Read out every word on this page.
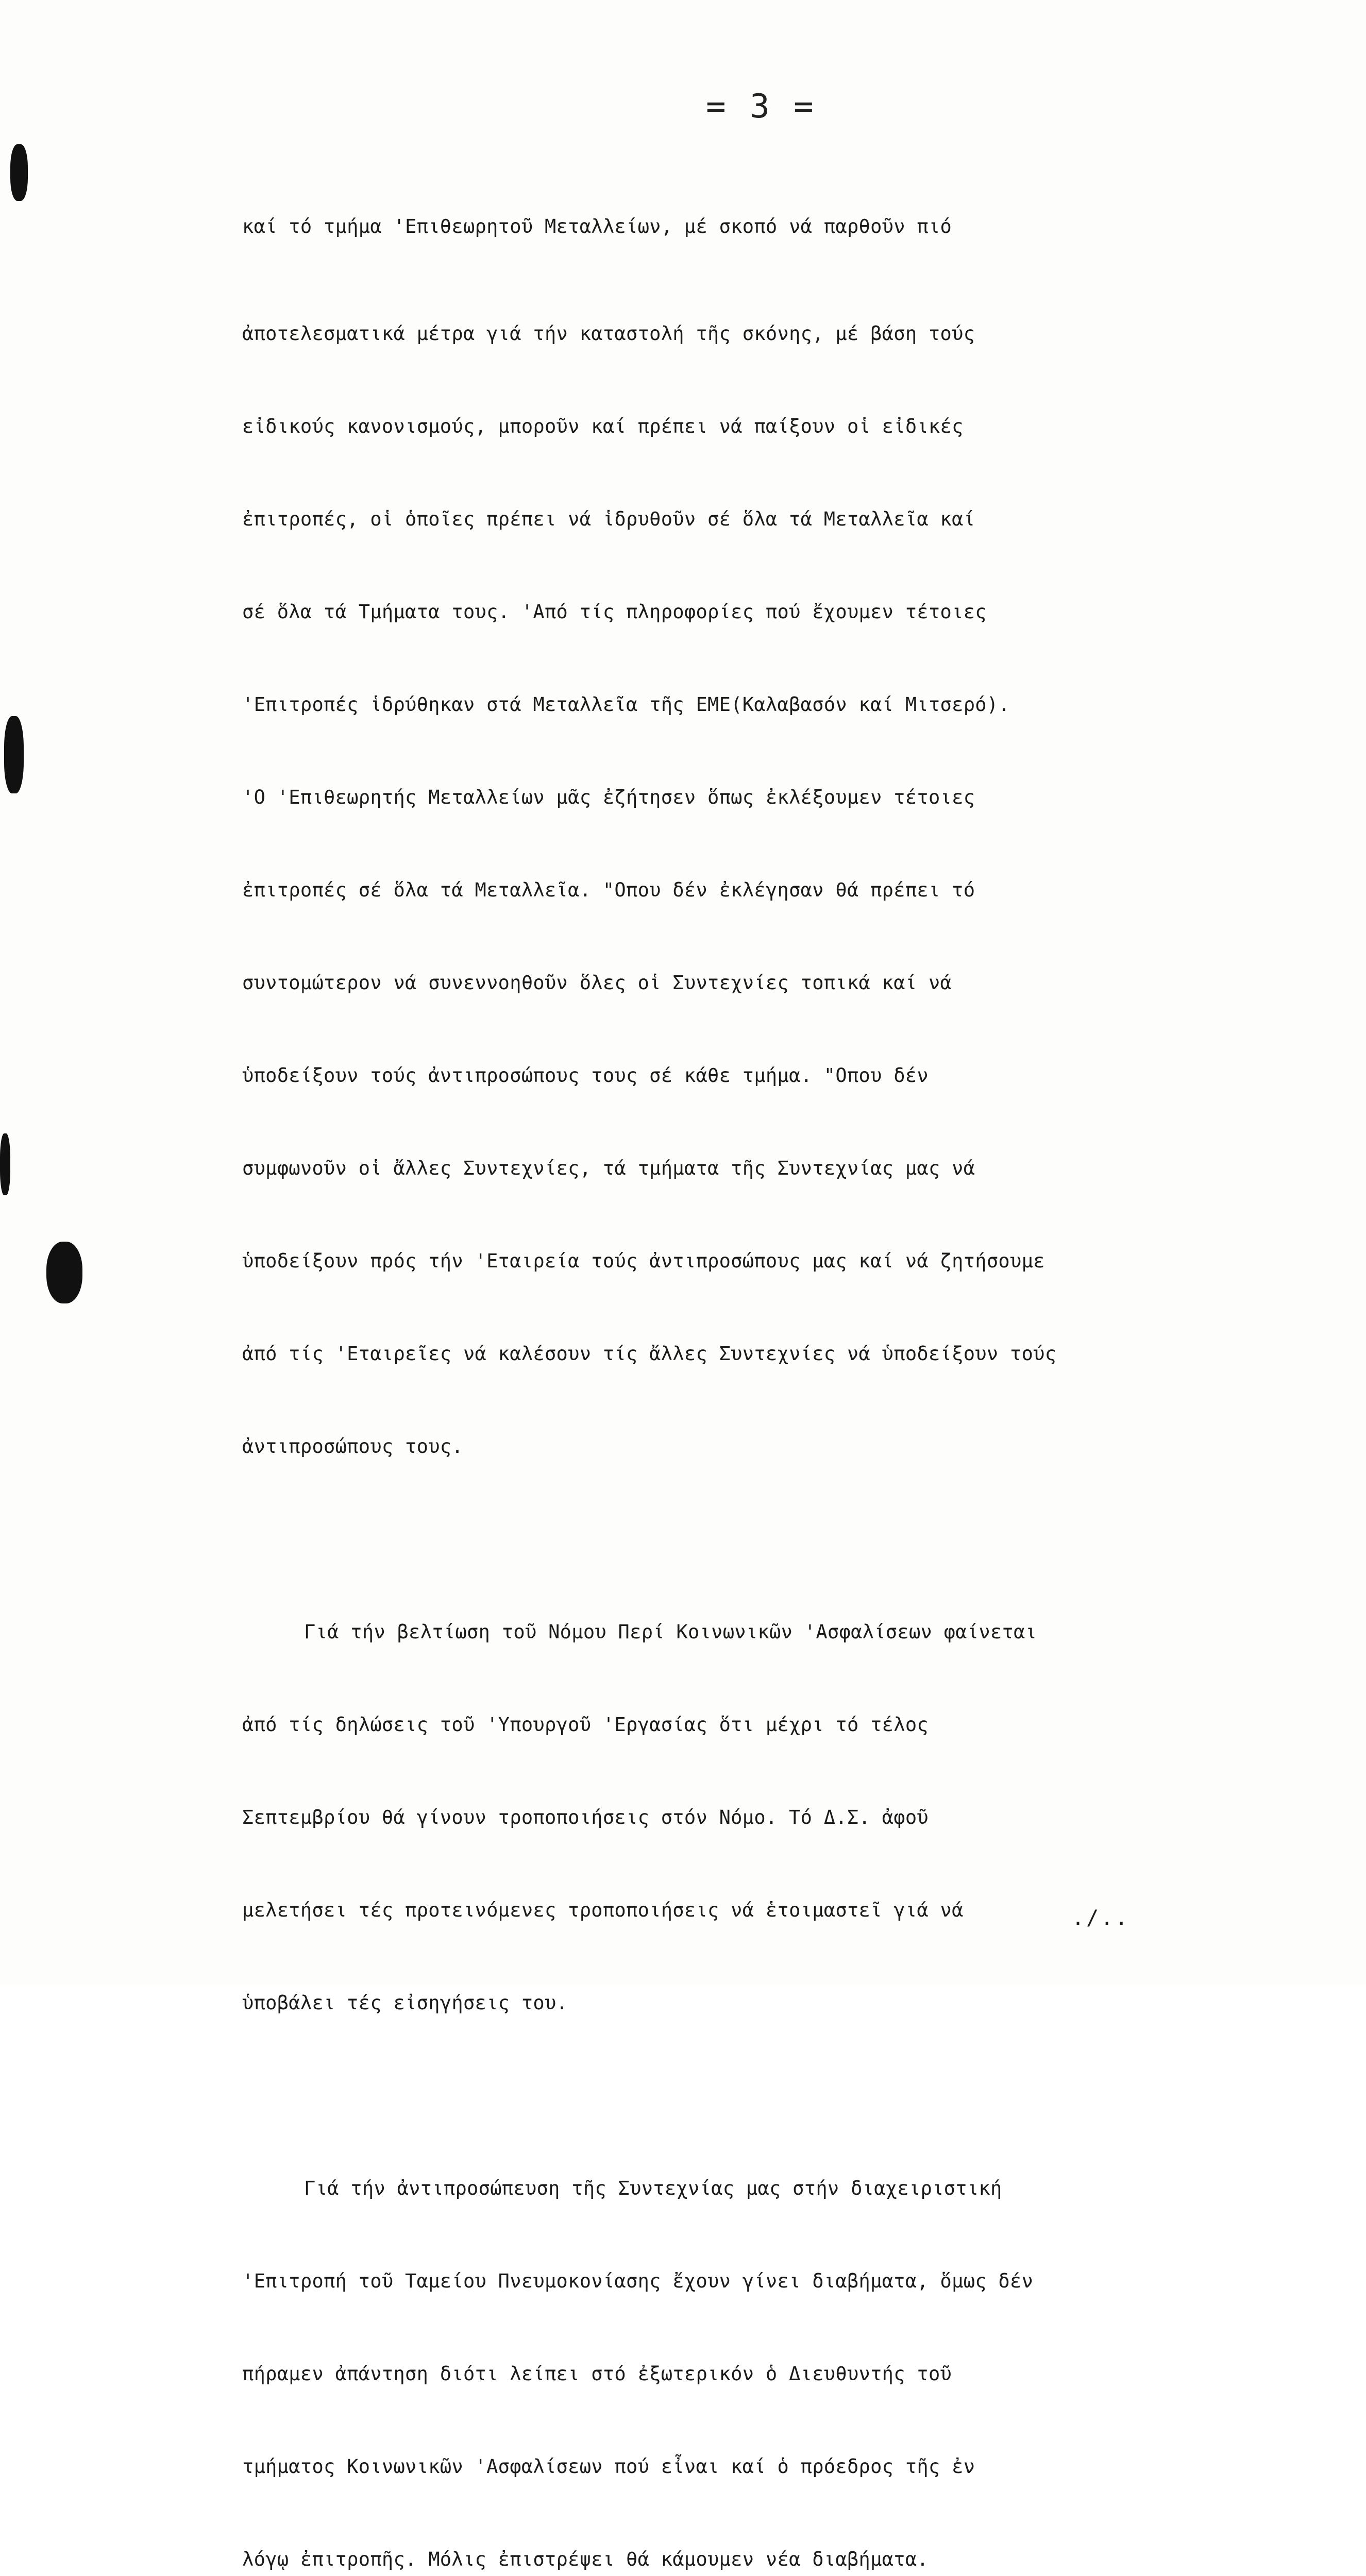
= 3 =

καί τό τμήμα 'Επιθεωρητοῦ Μεταλλείων, μέ σκοπό νά παρθοῦν πιό

ἀποτελεσματικά μέτρα γιά τήν καταστολή τῆς σκόνης, μέ βάση τούς

εἰδικούς κανονισμούς, μποροῦν καί πρέπει νά παίξουν οἱ εἰδικές

ἐπιτροπές, οἱ ὁποῖες πρέπει νά ἱδρυθοῦν σέ ὅλα τά Μεταλλεῖα καί

σέ ὅλα τά Τμήματα τους. 'Από τίς πληροφορίες πού ἔχουμεν τέτοιες

'Επιτροπές ἱδρύθηκαν στά Μεταλλεῖα τῆς ΕΜΕ(Καλαβασόν καί Μιτσερό).

'Ο 'Επιθεωρητής Μεταλλείων μᾶς ἐζήτησεν ὅπως ἐκλέξουμεν τέτοιες

ἐπιτροπές σέ ὅλα τά Μεταλλεῖα. "Οπου δέν ἐκλέγησαν θά πρέπει τό

συντομώτερον νά συνεννοηθοῦν ὅλες οἱ Συντεχνίες τοπικά καί νά

ὑποδείξουν τούς ἀντιπροσώπους τους σέ κάθε τμήμα. "Οπου δέν

συμφωνοῦν οἱ ἄλλες Συντεχνίες, τά τμήματα τῆς Συντεχνίας μας νά

ὑποδείξουν πρός τήν 'Εταιρεία τούς ἀντιπροσώπους μας καί νά ζητήσουμε

ἀπό τίς 'Εταιρεῖες νά καλέσουν τίς ἄλλες Συντεχνίες νά ὑποδείξουν τούς

ἀντιπροσώπους τους.

Γιά τήν βελτίωση τοῦ Νόμου Περί Κοινωνικῶν 'Ασφαλίσεων φαίνεται

ἀπό τίς δηλώσεις τοῦ 'Υπουργοῦ 'Εργασίας ὅτι μέχρι τό τέλος

Σεπτεμβρίου θά γίνουν τροποποιήσεις στόν Νόμο. Τό Δ.Σ. ἀφοῦ

μελετήσει τές προτεινόμενες τροποποιήσεις νά ἑτοιμαστεῖ γιά νά

ὑποβάλει τές εἰσηγήσεις του.

Γιά τήν ἀντιπροσώπευση τῆς Συντεχνίας μας στήν διαχειριστική

'Επιτροπή τοῦ Ταμείου Πνευμοκονίασης ἔχουν γίνει διαβήματα, ὅμως δέν

πήραμεν ἀπάντηση διότι λείπει στό ἐξωτερικόν ὁ Διευθυντής τοῦ

τμήματος Κοινωνικῶν 'Ασφαλίσεων πού εἶναι καί ὁ πρόεδρος τῆς ἐν

λόγῳ ἐπιτροπῆς. Μόλις ἐπιστρέψει θά κάμουμεν νέα διαβήματα.

./..
